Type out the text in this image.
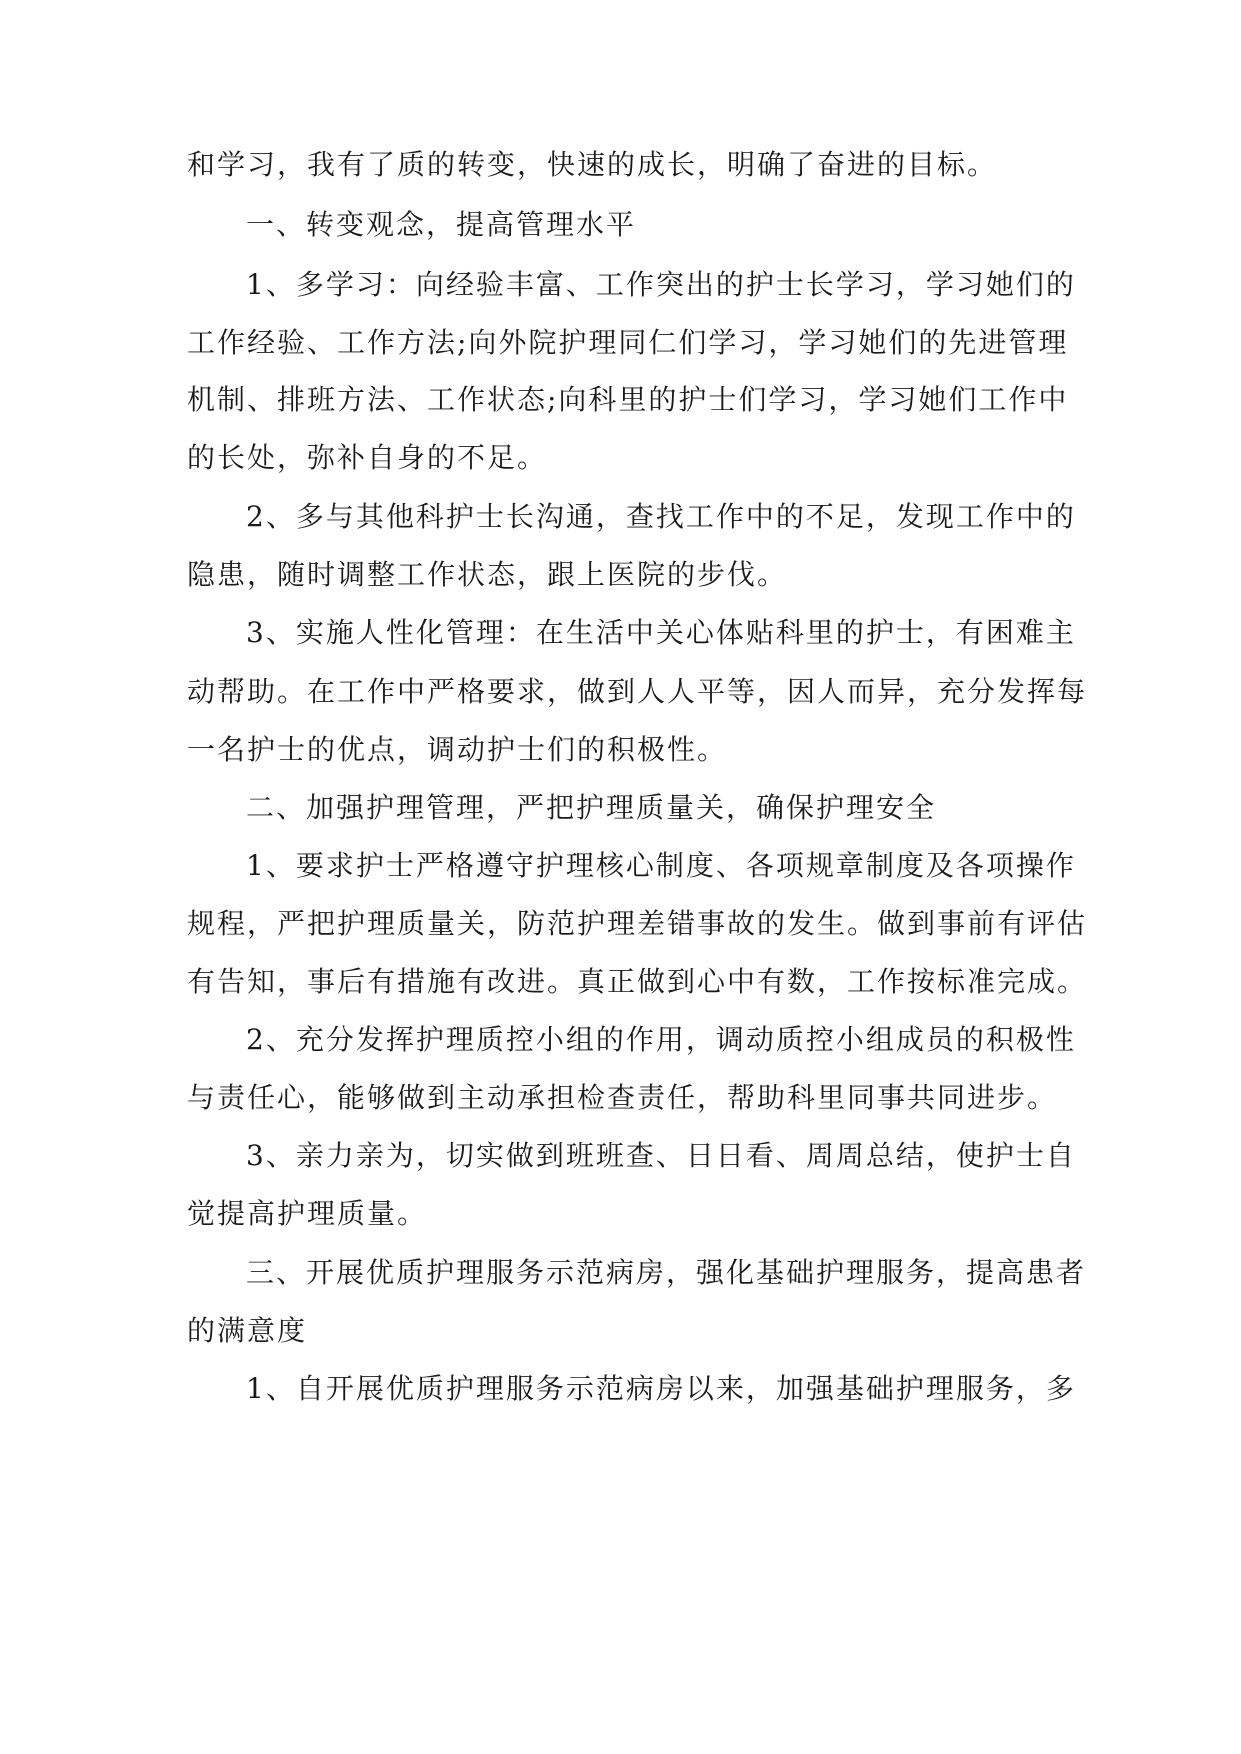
和学习，我有了质的转变，快速的成长，明确了奋进的目标。
一、转变观念，提高管理水平
1、多学习：向经验丰富、工作突出的护士长学习，学习她们的
工作经验、工作方法;向外院护理同仁们学习，学习她们的先进管理
机制、排班方法、工作状态;向科里的护士们学习，学习她们工作中
的长处，弥补自身的不足。
2、多与其他科护士长沟通，查找工作中的不足，发现工作中的
隐患，随时调整工作状态，跟上医院的步伐。
3、实施人性化管理：在生活中关心体贴科里的护士，有困难主
动帮助。在工作中严格要求，做到人人平等，因人而异，充分发挥每
一名护士的优点，调动护士们的积极性。
二、加强护理管理，严把护理质量关，确保护理安全
1、要求护士严格遵守护理核心制度、各项规章制度及各项操作
规程，严把护理质量关，防范护理差错事故的发生。做到事前有评估
有告知，事后有措施有改进。真正做到心中有数，工作按标准完成。
2、充分发挥护理质控小组的作用，调动质控小组成员的积极性
与责任心，能够做到主动承担检查责任，帮助科里同事共同进步。
3、亲力亲为，切实做到班班查、日日看、周周总结，使护士自
觉提高护理质量。
三、开展优质护理服务示范病房，强化基础护理服务，提高患者
的满意度
1、自开展优质护理服务示范病房以来，加强基础护理服务，多
